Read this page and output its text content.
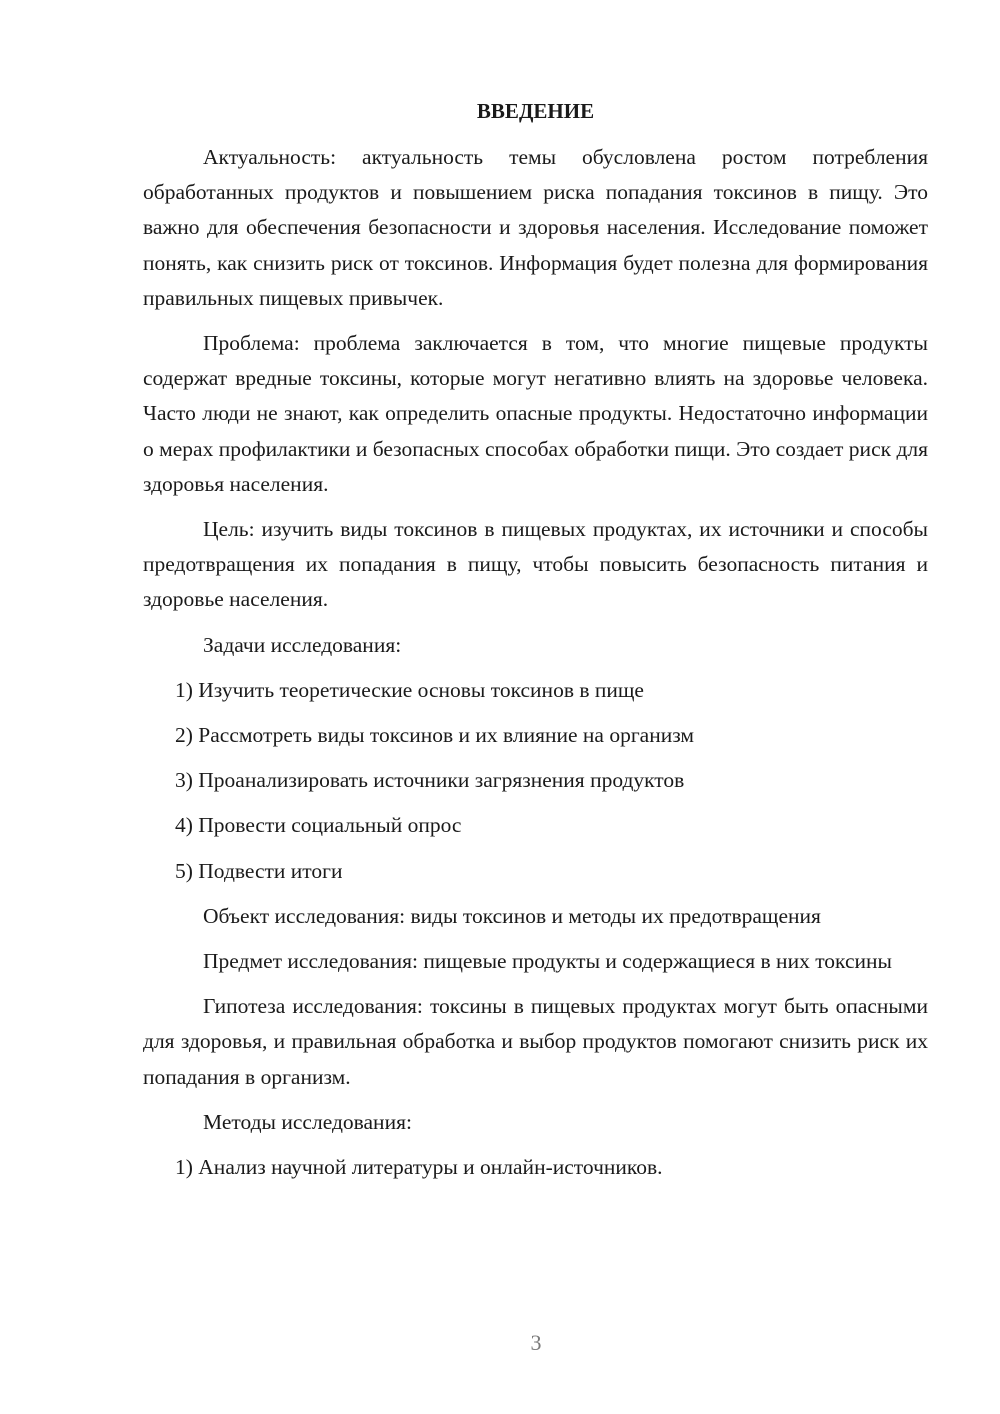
ВВЕДЕНИЕ

Актуальность: актуальность темы обусловлена ростом потребления обработанных продуктов и повышением риска попадания токсинов в пищу. Это важно для обеспечения безопасности и здоровья населения. Исследование поможет понять, как снизить риск от токсинов. Информация будет полезна для формирования правильных пищевых привычек.

Проблема: проблема заключается в том, что многие пищевые продукты содержат вредные токсины, которые могут негативно влиять на здоровье человека. Часто люди не знают, как определить опасные продукты. Недостаточно информации о мерах профилактики и безопасных способах обработки пищи. Это создает риск для здоровья населения.

Цель: изучить виды токсинов в пищевых продуктах, их источники и способы предотвращения их попадания в пищу, чтобы повысить безопасность питания и здоровье населения.

Задачи исследования:

1) Изучить теоретические основы токсинов в пище
2) Рассмотреть виды токсинов и их влияние на организм
3) Проанализировать источники загрязнения продуктов
4) Провести социальный опрос
5) Подвести итоги

Объект исследования: виды токсинов и методы их предотвращения

Предмет исследования: пищевые продукты и содержащиеся в них токсины

Гипотеза исследования: токсины в пищевых продуктах могут быть опасными для здоровья, и правильная обработка и выбор продуктов помогают снизить риск их попадания в организм.

Методы исследования:

1) Анализ научной литературы и онлайн-источников.
3
